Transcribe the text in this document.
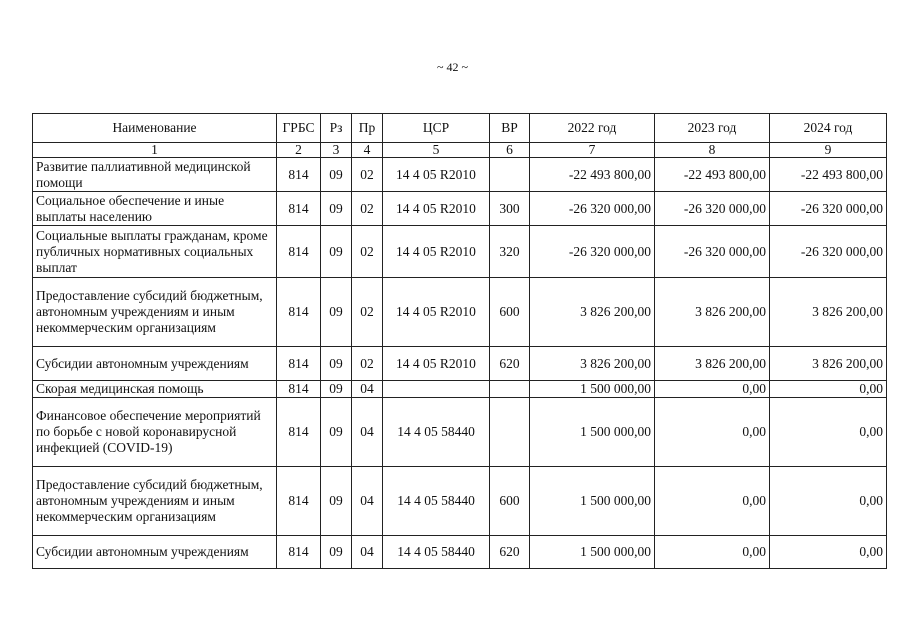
~ 42 ~
Наименование	ГРБС	Рз	Пр	ЦСР	ВР	2022 год	2023 год	2024 год
1	2	3	4	5	6	7	8	9
Развитие паллиативной медицинской помощи	814	09	02	14 4 05 R2010		-22 493 800,00	-22 493 800,00	-22 493 800,00
Социальное обеспечение и иные выплаты населению	814	09	02	14 4 05 R2010	300	-26 320 000,00	-26 320 000,00	-26 320 000,00
Социальные выплаты гражданам, кроме публичных нормативных социальных выплат	814	09	02	14 4 05 R2010	320	-26 320 000,00	-26 320 000,00	-26 320 000,00
Предоставление субсидий бюджетным, автономным учреждениям и иным некоммерческим организациям	814	09	02	14 4 05 R2010	600	3 826 200,00	3 826 200,00	3 826 200,00
Субсидии автономным учреждениям	814	09	02	14 4 05 R2010	620	3 826 200,00	3 826 200,00	3 826 200,00
Скорая медицинская помощь	814	09	04			1 500 000,00	0,00	0,00
Финансовое обеспечение мероприятий по борьбе с новой коронавирусной инфекцией (COVID-19)	814	09	04	14 4 05 58440		1 500 000,00	0,00	0,00
Предоставление субсидий бюджетным, автономным учреждениям и иным некоммерческим организациям	814	09	04	14 4 05 58440	600	1 500 000,00	0,00	0,00
Субсидии автономным учреждениям	814	09	04	14 4 05 58440	620	1 500 000,00	0,00	0,00
